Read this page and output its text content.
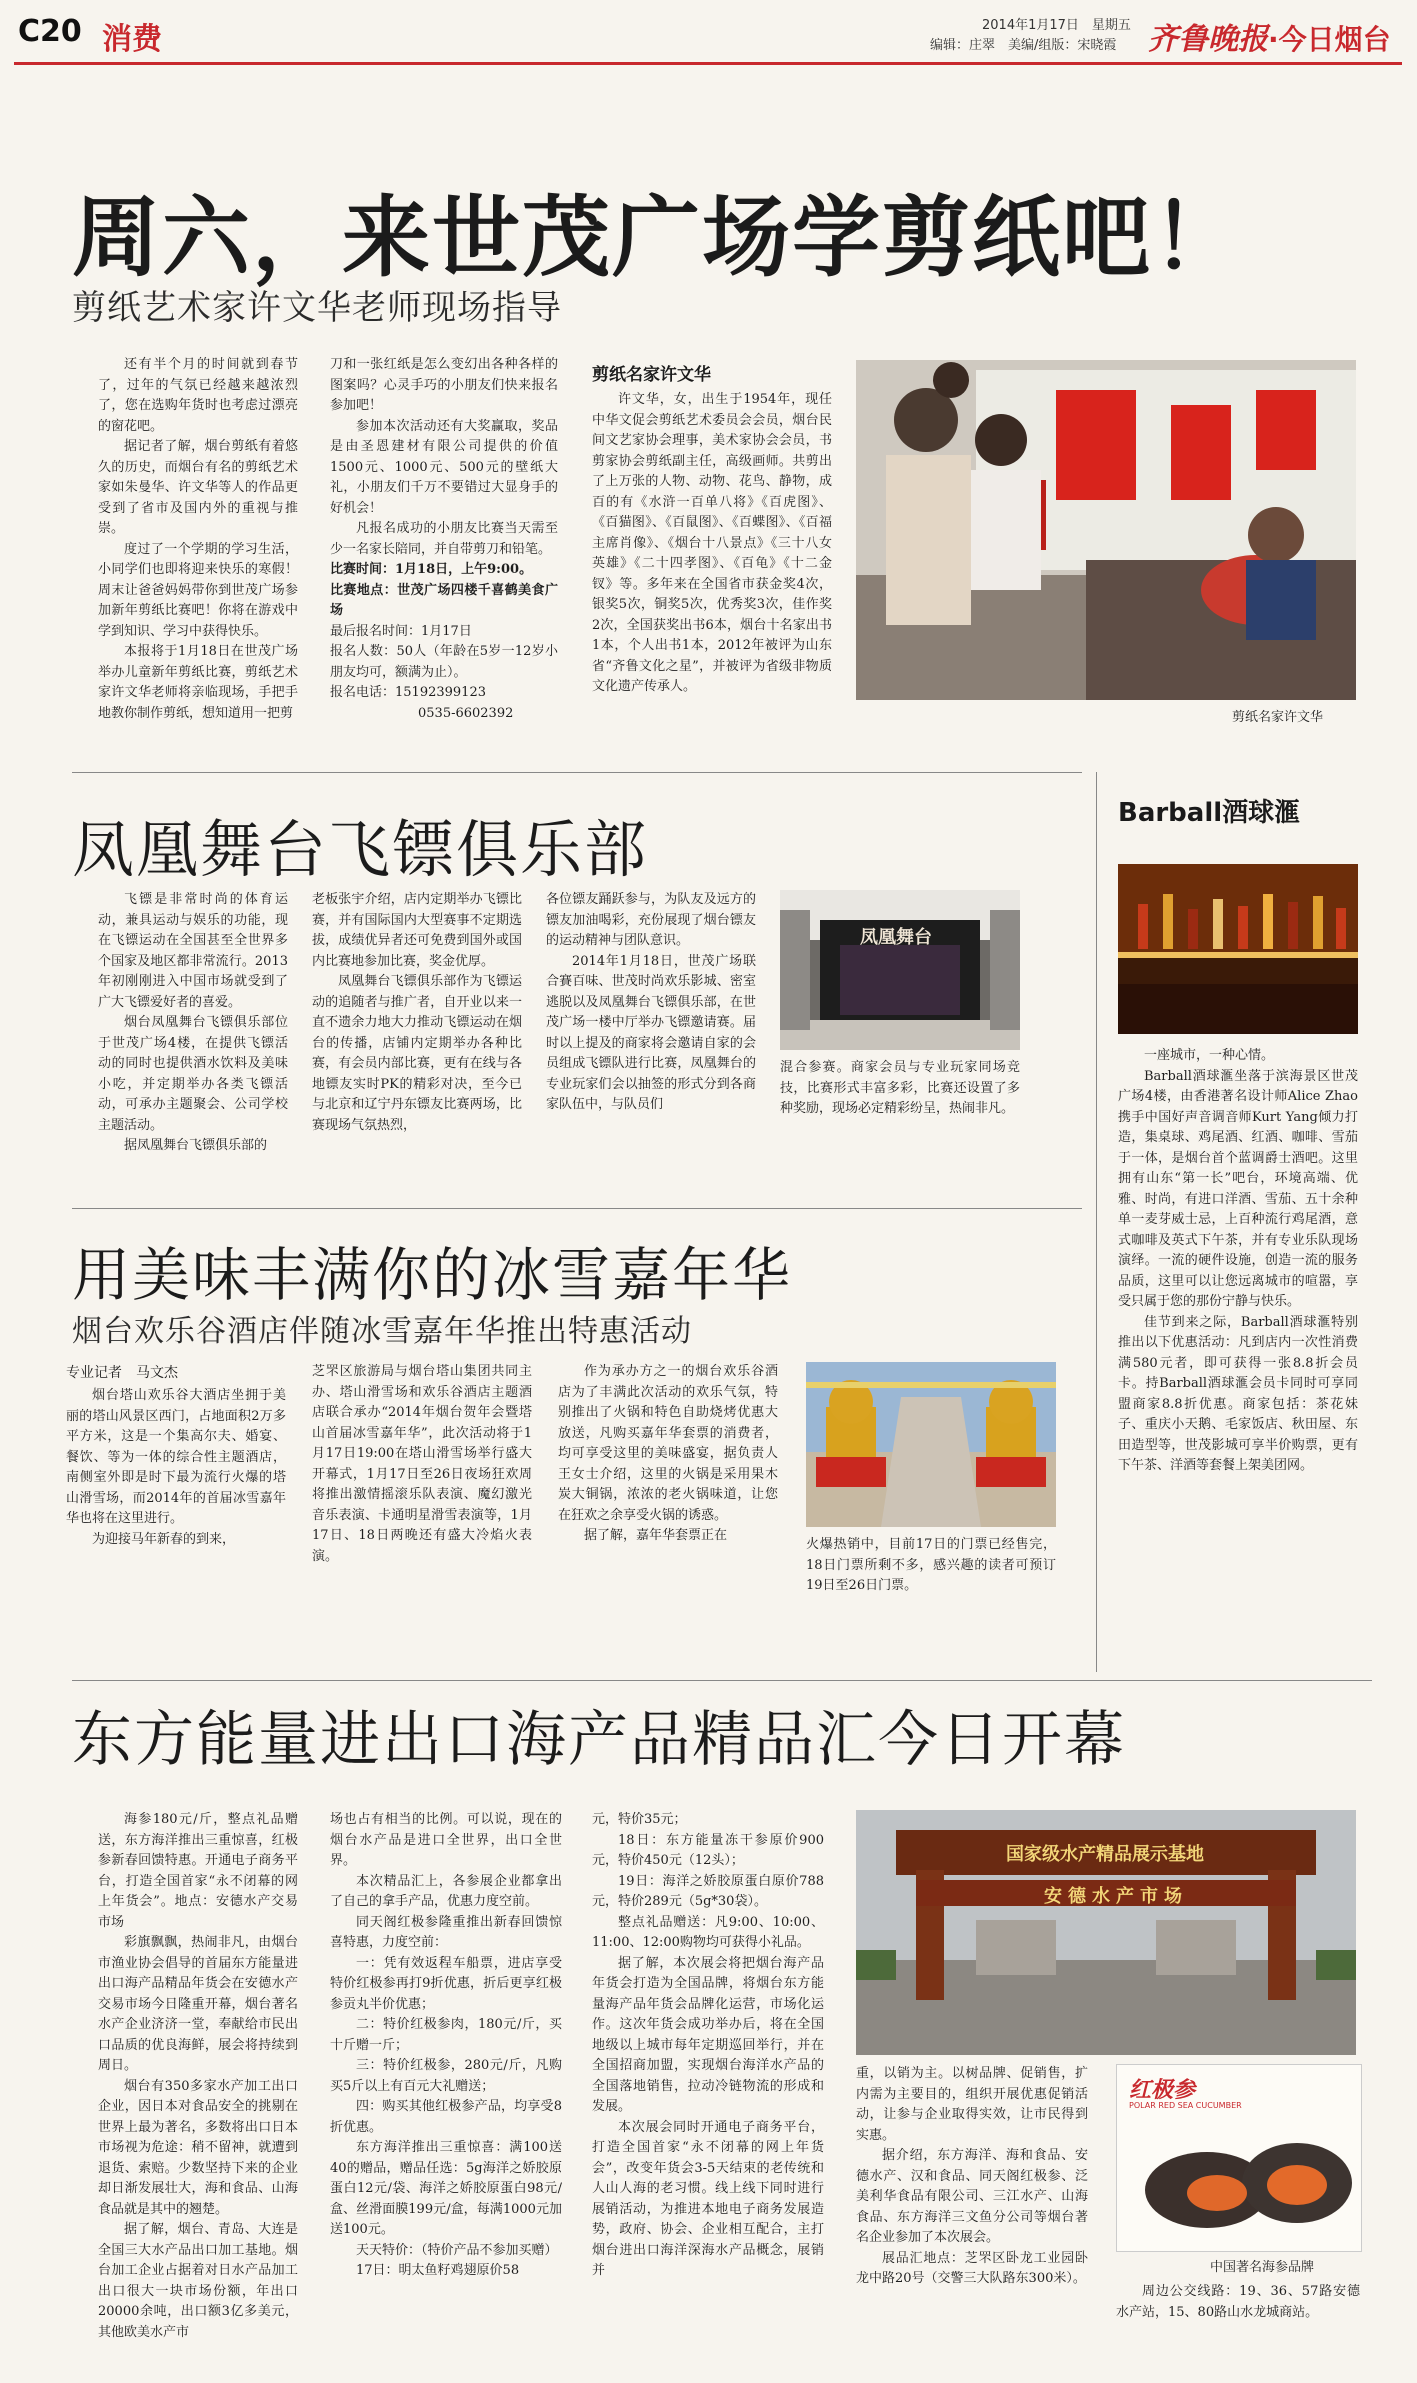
C20 消费	2014年1月17日　星期五
编辑：庄翠　美编/组版：宋晓霞 齐鲁晚报·今日烟台
周六，来世茂广场学剪纸吧！
剪纸艺术家许文华老师现场指导

还有半个月的时间就到春节了，过年的气氛已经越来越浓烈了，您在选购年货时也考虑过漂亮的窗花吧。

据记者了解，烟台剪纸有着悠久的历史，而烟台有名的剪纸艺术家如朱曼华、许文华等人的作品更受到了省市及国内外的重视与推崇。

度过了一个学期的学习生活，小同学们也即将迎来快乐的寒假！周末让爸爸妈妈带你到世茂广场参加新年剪纸比赛吧！你将在游戏中学到知识、学习中获得快乐。

本报将于1月18日在世茂广场举办儿童新年剪纸比赛，剪纸艺术家许文华老师将亲临现场，手把手地教你制作剪纸，想知道用一把剪

刀和一张红纸是怎么变幻出各种各样的图案吗？心灵手巧的小朋友们快来报名参加吧！

参加本次活动还有大奖赢取，奖品是由圣恩建材有限公司提供的价值1500元、1000元、500元的壁纸大礼，小朋友们千万不要错过大显身手的好机会！

凡报名成功的小朋友比赛当天需至少一名家长陪同，并自带剪刀和铅笔。

比赛时间：1月18日，上午9:00。

比赛地点：世茂广场四楼千喜鹤美食广场

最后报名时间：1月17日

报名人数：50人（年龄在5岁一12岁小朋友均可，额满为止）。

报名电话：15192399123

0535-6602392

剪纸名家许文华

许文华，女，出生于1954年，现任中华文促会剪纸艺术委员会会员，烟台民间文艺家协会理事，美术家协会会员，书剪家协会剪纸副主任，高级画师。共剪出了上万张的人物、动物、花鸟、静物，成百的有《水浒一百单八将》《百虎图》、《百猫图》、《百鼠图》、《百蝶图》、《百福主席肖像》、《烟台十八景点》《三十八女英雄》《二十四孝图》、《百龟》《十二金钗》等。多年来在全国省市获金奖4次，银奖5次，铜奖5次，优秀奖3次，佳作奖2次，全国获奖出书6本，烟台十名家出书1本，个人出书1本，2012年被评为山东省“齐鲁文化之星”，并被评为省级非物质文化遗产传承人。

剪纸名家许文华
凤凰舞台飞镖俱乐部

飞镖是非常时尚的体育运动，兼具运动与娱乐的功能，现在飞镖运动在全国甚至全世界多个国家及地区都非常流行。2013年初刚刚进入中国市场就受到了广大飞镖爱好者的喜爱。

烟台凤凰舞台飞镖俱乐部位于世茂广场4楼，在提供飞镖活动的同时也提供酒水饮料及美味小吃，并定期举办各类飞镖活动，可承办主题聚会、公司学校主题活动。

据凤凰舞台飞镖俱乐部的

老板张宇介绍，店内定期举办飞镖比赛，并有国际国内大型赛事不定期选拔，成绩优异者还可免费到国外或国内比赛地参加比赛，奖金优厚。

凤凰舞台飞镖俱乐部作为飞镖运动的追随者与推广者，自开业以来一直不遗余力地大力推动飞镖运动在烟台的传播，店铺内定期举办各种比赛，有会员内部比赛，更有在线与各地镖友实时PK的精彩对决，至今已与北京和辽宁丹东镖友比赛两场，比赛现场气氛热烈，

各位镖友踊跃参与，为队友及远方的镖友加油喝彩，充份展现了烟台镖友的运动精神与团队意识。

2014年1月18日，世茂广场联合賽百味、世茂时尚欢乐影城、密室逃脱以及凤凰舞台飞镖俱乐部，在世茂广场一楼中厅举办飞镖邀请赛。届时以上提及的商家将会邀请自家的会员组成飞镖队进行比赛，凤凰舞台的专业玩家们会以抽签的形式分到各商家队伍中，与队员们

凤凰舞台

混合参赛。商家会员与专业玩家同场竞技，比赛形式丰富多彩，比赛还设置了多种奖励，现场必定精彩纷呈，热闹非凡。

用美味丰满你的冰雪嘉年华
烟台欢乐谷酒店伴随冰雪嘉年华推出特惠活动
专业记者　马文杰

烟台塔山欢乐谷大酒店坐拥于美丽的塔山风景区西门，占地面积2万多平方米，这是一个集高尔夫、婚宴、餐饮、等为一体的综合性主题酒店，南侧室外即是时下最为流行火爆的塔山滑雪场，而2014年的首届冰雪嘉年华也将在这里进行。

为迎接马年新春的到来，

芝罘区旅游局与烟台塔山集团共同主办、塔山滑雪场和欢乐谷酒店主题酒店联合承办“2014年烟台贺年会暨塔山首届冰雪嘉年华”，此次活动将于1月17日19:00在塔山滑雪场举行盛大开幕式，1月17日至26日夜场狂欢周将推出激情摇滚乐队表演、魔幻激光音乐表演、卡通明星滑雪表演等，1月17日、18日两晚还有盛大冷焰火表演。

作为承办方之一的烟台欢乐谷酒店为了丰满此次活动的欢乐气氛，特别推出了火锅和特色自助烧烤优惠大放送，凡购买嘉年华套票的消费者，均可享受这里的美味盛宴，据负责人王女士介绍，这里的火锅是采用果木炭大铜锅，浓浓的老火锅味道，让您在狂欢之余享受火锅的诱惑。

据了解，嘉年华套票正在

火爆热销中，目前17日的门票已经售完，18日门票所剩不多，感兴趣的读者可预订19日至26日门票。

Barball酒球滙

一座城市，一种心情。

Barball酒球滙坐落于滨海景区世茂广场4楼，由香港著名设计师Alice Zhao携手中国好声音调音师Kurt Yang倾力打造，集桌球、鸡尾酒、红酒、咖啡、雪茄于一体，是烟台首个蓝调爵士酒吧。这里拥有山东“第一长”吧台，环境高端、优雅、时尚，有进口洋酒、雪茄、五十余种单一麦芽威士忌，上百种流行鸡尾酒，意式咖啡及英式下午茶，并有专业乐队现场演绎。一流的硬件设施，创造一流的服务品质，这里可以让您远离城市的喧嚣，享受只属于您的那份宁静与快乐。

佳节到来之际，Barball酒球滙特别推出以下优惠活动：凡到店内一次性消费满580元者，即可获得一张8.8折会员卡。持Barball酒球滙会员卡同时可享同盟商家8.8折优惠。商家包括：茶花妹子、重庆小天鹅、毛家饭店、秋田屋、东田造型等，世茂影城可享半价购票，更有下午茶、洋酒等套餐上架美团网。

东方能量进出口海产品精品汇今日开幕

海参180元/斤，整点礼品赠送，东方海洋推出三重惊喜，红极参新春回馈特惠。开通电子商务平台，打造全国首家“永不闭幕的网上年货会”。地点：安德水产交易市场

彩旗飘飘，热闹非凡，由烟台市渔业协会倡导的首届东方能量进出口海产品精品年货会在安德水产交易市场今日隆重开幕，烟台著名水产企业济济一堂，奉献给市民出口品质的优良海鲜，展会将持续到周日。

烟台有350多家水产加工出口企业，因日本对食品安全的挑剔在世界上最为著名，多数将出口日本市场视为危途：稍不留神，就遭到退货、索赔。少数坚持下来的企业却日渐发展壮大，海和食品、山海食品就是其中的翘楚。

据了解，烟台、青岛、大连是全国三大水产品出口加工基地。烟台加工企业占据着对日水产品加工出口很大一块市场份额，年出口20000余吨，出口额3亿多美元，其他欧美水产市

场也占有相当的比例。可以说，现在的烟台水产品是进口全世界，出口全世界。

本次精品汇上，各参展企业都拿出了自己的拿手产品，优惠力度空前。

同天阁红极参隆重推出新春回馈惊喜特惠，力度空前：

一：凭有效返程车船票，进店享受特价红极参再打9折优惠，折后更享红极参贡丸半价优惠；

二：特价红极参肉，180元/斤，买十斤赠一斤；

三：特价红极参，280元/斤，凡购买5斤以上有百元大礼赠送；

四：购买其他红极参产品，均享受8折优惠。

东方海洋推出三重惊喜：满100送40的赠品，赠品任选：5g海洋之娇胶原蛋白12元/袋、海洋之娇胶原蛋白98元/盒、丝滑面膜199元/盒，每满1000元加送100元。

天天特价：（特价产品不参加买赠）

17日：明太鱼籽鸡翅原价58

元，特价35元；

18日：东方能量冻干参原价900元，特价450元（12头）；

19日：海洋之娇胶原蛋白原价788元，特价289元（5g*30袋）。

整点礼品赠送：凡9:00、10:00、11:00、12:00购物均可获得小礼品。

据了解，本次展会将把烟台海产品年货会打造为全国品牌，将烟台东方能量海产品年货会品牌化运营，市场化运作。这次年货会成功举办后，将在全国地级以上城市每年定期巡回举行，并在全国招商加盟，实现烟台海洋水产品的全国落地销售，拉动冷链物流的形成和发展。

本次展会同时开通电子商务平台，打造全国首家“永不闭幕的网上年货会”，改变年货会3-5天结束的老传统和人山人海的老习惯。线上线下同时进行展销活动，为推进本地电子商务发展造势，政府、协会、企业相互配合，主打烟台进出口海洋深海水产品概念，展销并

国家级水产精品展示基地
安德水产市场

重，以销为主。以树品牌、促销售，扩内需为主要目的，组织开展优惠促销活动，让参与企业取得实效，让市民得到实惠。

据介绍，东方海洋、海和食品、安德水产、汉和食品、同天阁红极参、泛美利华食品有限公司、三江水产、山海食品、东方海洋三文鱼分公司等烟台著名企业参加了本次展会。

展品汇地点：芝罘区卧龙工业园卧龙中路20号（交警三大队路东300米）。

红极参
POLAR RED SEA CUCUMBER
中国著名海参品牌

周边公交线路：19、36、57路安德水产站，15、80路山水龙城商站。
